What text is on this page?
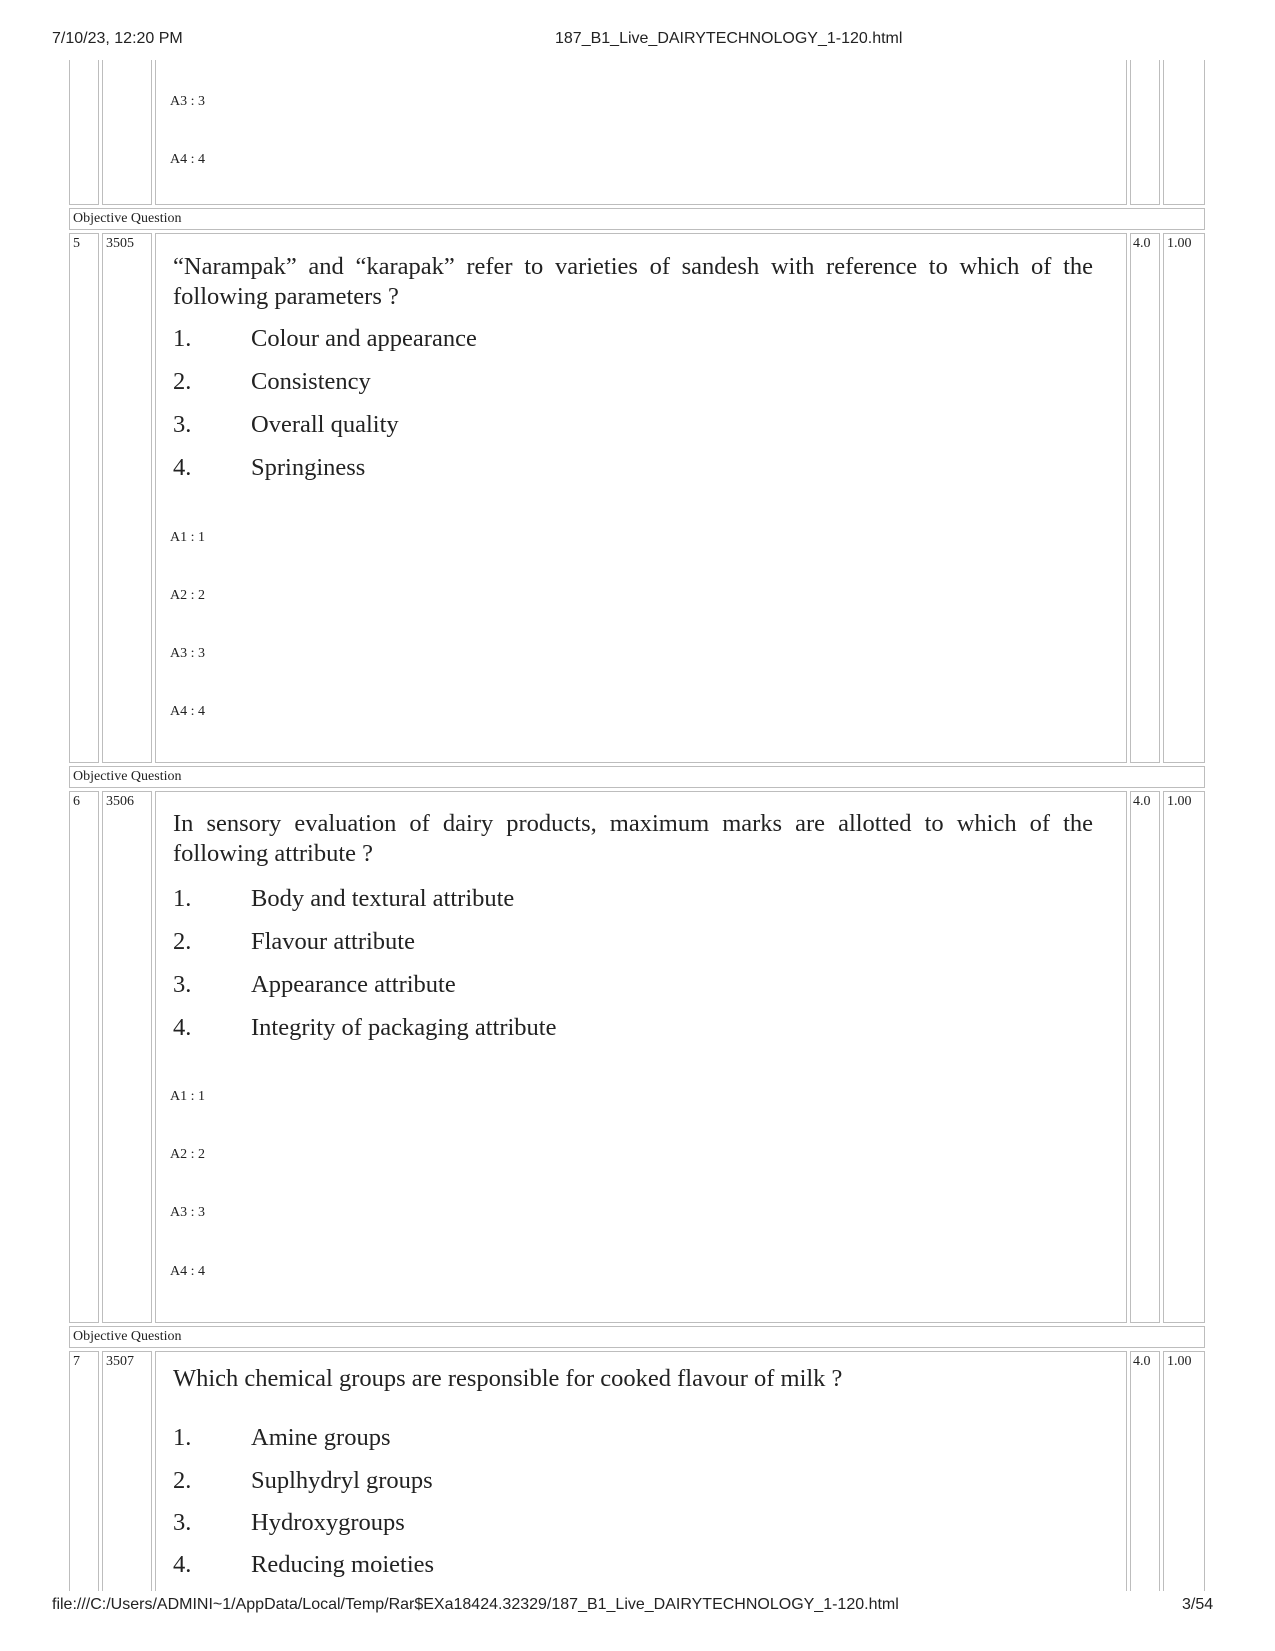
7/10/23, 12:20 PM	187_B1_Live_DAIRYTECHNOLOGY_1-120.html
A3 : 3
A4 : 4
Objective Question
5 3505	4.0 1.00
“Narampak” and “karapak” refer to varieties of sandesh with reference to which of the following parameters ?
1. Colour and appearance
2. Consistency
3. Overall quality
4. Springiness
A1 : 1
A2 : 2
A3 : 3
A4 : 4
Objective Question
6 3506	4.0 1.00
In sensory evaluation of dairy products, maximum marks are allotted to which of the following attribute ?
1. Body and textural attribute
2. Flavour attribute
3. Appearance attribute
4. Integrity of packaging attribute
A1 : 1
A2 : 2
A3 : 3
A4 : 4
Objective Question
7 3507	4.0 1.00
Which chemical groups are responsible for cooked flavour of milk ?
1. Amine groups
2. Suplhydryl groups
3. Hydroxygroups
4. Reducing moieties
file:///C:/Users/ADMINI~1/AppData/Local/Temp/Rar$EXa18424.32329/187_B1_Live_DAIRYTECHNOLOGY_1-120.html	3/54
